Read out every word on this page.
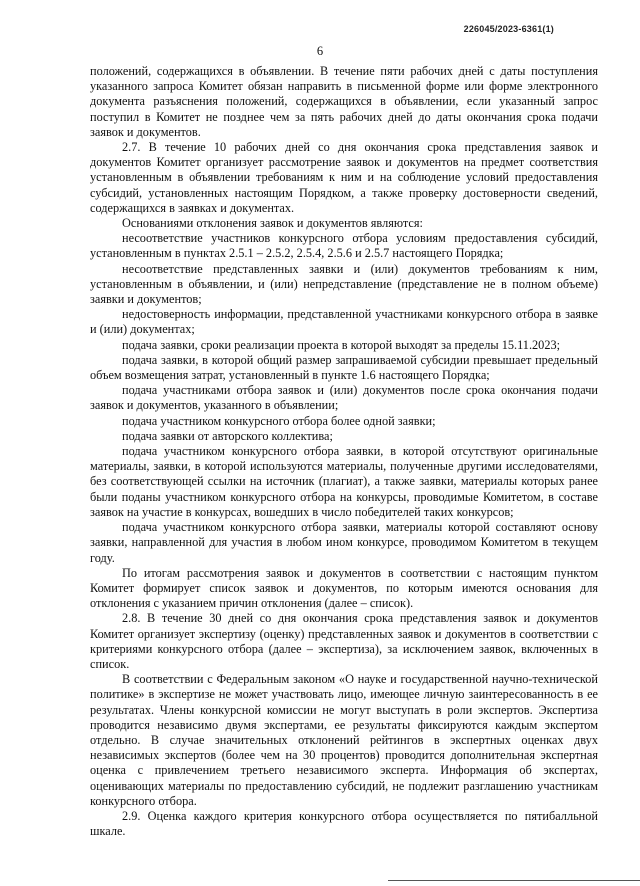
226045/2023-6361(1)
6

положений, содержащихся в объявлении. В течение пяти рабочих дней с даты поступления указанного запроса Комитет обязан направить в письменной форме или форме электронного документа разъяснения положений, содержащихся в объявлении, если указанный запрос поступил в Комитет не позднее чем за пять рабочих дней до даты окончания срока подачи заявок и документов.

2.7. В течение 10 рабочих дней со дня окончания срока представления заявок и документов Комитет организует рассмотрение заявок и документов на предмет соответствия установленным в объявлении требованиям к ним и на соблюдение условий предоставления субсидий, установленных настоящим Порядком, а также проверку достоверности сведений, содержащихся в заявках и документах.

Основаниями отклонения заявок и документов являются:

несоответствие участников конкурсного отбора условиям предоставления субсидий, установленным в пунктах 2.5.1 – 2.5.2, 2.5.4, 2.5.6 и 2.5.7 настоящего Порядка;

несоответствие представленных заявки и (или) документов требованиям к ним, установленным в объявлении, и (или) непредставление (представление не в полном объеме) заявки и документов;

недостоверность информации, представленной участниками конкурсного отбора в заявке и (или) документах;

подача заявки, сроки реализации проекта в которой выходят за пределы 15.11.2023;

подача заявки, в которой общий размер запрашиваемой субсидии превышает предельный объем возмещения затрат, установленный в пункте 1.6 настоящего Порядка;

подача участниками отбора заявок и (или) документов после срока окончания подачи заявок и документов, указанного в объявлении;

подача участником конкурсного отбора более одной заявки;

подача заявки от авторского коллектива;

подача участником конкурсного отбора заявки, в которой отсутствуют оригинальные материалы, заявки, в которой используются материалы, полученные другими исследователями, без соответствующей ссылки на источник (плагиат), а также заявки, материалы которых ранее были поданы участником конкурсного отбора на конкурсы, проводимые Комитетом, в составе заявок на участие в конкурсах, вошедших в число победителей таких конкурсов;

подача участником конкурсного отбора заявки, материалы которой составляют основу заявки, направленной для участия в любом ином конкурсе, проводимом Комитетом в текущем году.

По итогам рассмотрения заявок и документов в соответствии с настоящим пунктом Комитет формирует список заявок и документов, по которым имеются основания для отклонения с указанием причин отклонения (далее – список).

2.8. В течение 30 дней со дня окончания срока представления заявок и документов Комитет организует экспертизу (оценку) представленных заявок и документов в соответствии с критериями конкурсного отбора (далее – экспертиза), за исключением заявок, включенных в список.

В соответствии с Федеральным законом «О науке и государственной научно-технической политике» в экспертизе не может участвовать лицо, имеющее личную заинтересованность в ее результатах. Члены конкурсной комиссии не могут выступать в роли экспертов. Экспертиза проводится независимо двумя экспертами, ее результаты фиксируются каждым экспертом отдельно. В случае значительных отклонений рейтингов в экспертных оценках двух независимых экспертов (более чем на 30 процентов) проводится дополнительная экспертная оценка с привлечением третьего независимого эксперта. Информация об экспертах, оценивающих материалы по предоставлению субсидий, не подлежит разглашению участникам конкурсного отбора.

2.9. Оценка каждого критерия конкурсного отбора осуществляется по пятибалльной шкале.
